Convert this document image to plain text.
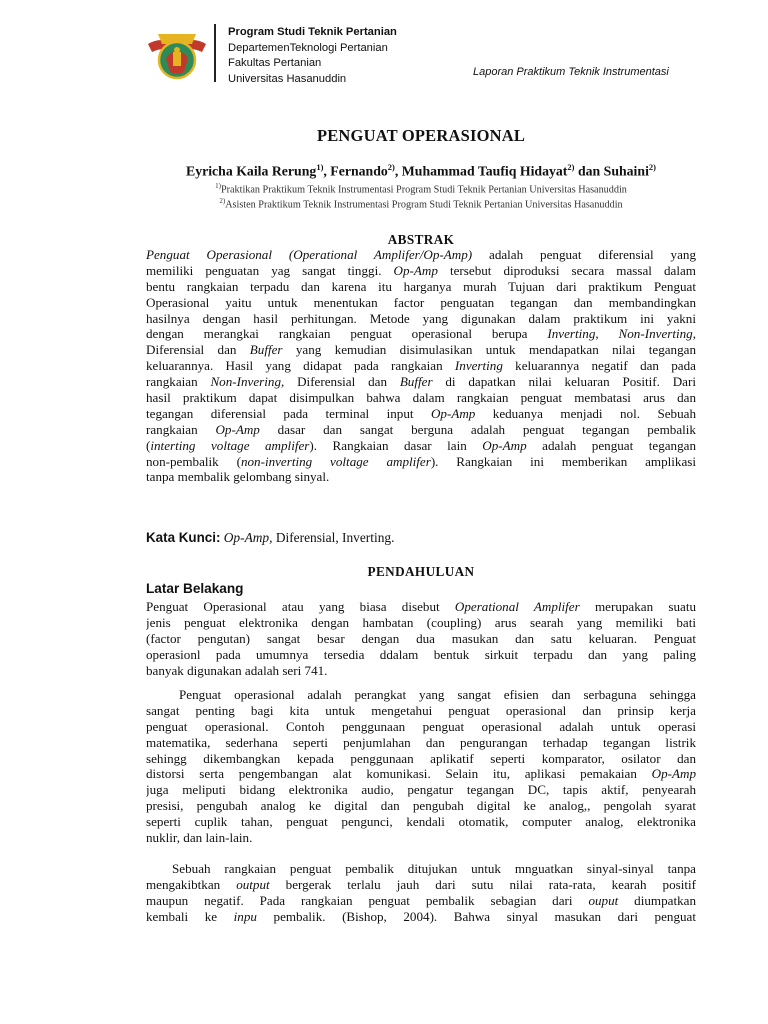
Program Studi Teknik Pertanian
DepartemenTeknologi Pertanian
Fakultas Pertanian
Universitas Hasanuddin
Laporan Praktikum Teknik Instrumentasi
PENGUAT OPERASIONAL
Eyricha Kaila Rerung$^{1)}$, Fernando$^{2)}$, Muhammad Taufiq Hidayat$^{2)}$ dan Suhaini$^{2)}$
$^{1)}$Praktikan Praktikum Teknik Instrumentasi Program Studi Teknik Pertanian Universitas Hasanuddin
$^{2)}$Asisten Praktikum Teknik Instrumentasi Program Studi Teknik Pertanian Universitas Hasanuddin
ABSTRAK
Penguat Operasional (Operational Amplifer/Op-Amp) adalah penguat diferensial yang
memiliki penguatan yag sangat tinggi. Op-Amp tersebut diproduksi secara massal dalam
bentu rangkaian terpadu dan karena itu harganya murah Tujuan dari praktikum Penguat
Operasional yaitu untuk menentukan factor penguatan tegangan dan membandingkan
hasilnya dengan hasil perhitungan. Metode yang digunakan dalam praktikum ini yakni
dengan merangkai rangkaian penguat operasional berupa Inverting, Non-Inverting,
Diferensial dan Buffer yang kemudian disimulasikan untuk mendapatkan nilai tegangan
keluarannya. Hasil yang didapat pada rangkaian Inverting keluarannya negatif dan pada
rangkaian Non-Invering, Diferensial dan Buffer di dapatkan nilai keluaran Positif. Dari
hasil praktikum dapat disimpulkan bahwa dalam rangkaian penguat membatasi arus dan
tegangan diferensial pada terminal input Op-Amp keduanya menjadi nol. Sebuah
rangkaian Op-Amp dasar dan sangat berguna adalah penguat tegangan pembalik
(interting voltage amplifer). Rangkaian dasar lain Op-Amp adalah penguat tegangan
non-pembalik (non-inverting voltage amplifer). Rangkaian ini memberikan amplikasi
tanpa membalik gelombang sinyal.
Kata Kunci: Op-Amp, Diferensial, Inverting.
PENDAHULUAN
Latar Belakang
Penguat Operasional atau yang biasa disebut Operational Amplifer merupakan suatu
jenis penguat elektronika dengan hambatan (coupling) arus searah yang memiliki bati
(factor pengutan) sangat besar dengan dua masukan dan satu keluaran. Penguat
operasionl pada umumnya tersedia ddalam bentuk sirkuit terpadu dan yang paling
banyak digunakan adalah seri 741.
Penguat operasional adalah perangkat yang sangat efisien dan serbaguna sehingga
sangat penting bagi kita untuk mengetahui penguat operasional dan prinsip kerja
penguat operasional. Contoh penggunaan penguat operasional adalah untuk operasi
matematika, sederhana seperti penjumlahan dan pengurangan terhadap tegangan listrik
sehingg dikembangkan kepada penggunaan aplikatif seperti komparator, osilator dan
distorsi serta pengembangan alat komunikasi. Selain itu, aplikasi pemakaian Op-Amp
juga meliputi bidang elektronika audio, pengatur tegangan DC, tapis aktif, penyearah
presisi, pengubah analog ke digital dan pengubah digital ke analog,, pengolah syarat
seperti cuplik tahan, penguat pengunci, kendali otomatik, computer analog, elektronika
nuklir, dan lain-lain.
Sebuah rangkaian penguat pembalik ditujukan untuk mnguatkan sinyal-sinyal tanpa
mengakibtkan output bergerak terlalu jauh dari sutu nilai rata-rata, kearah positif
maupun negatif. Pada rangkaian penguat pembalik sebagian dari ouput diumpatkan
kembali ke inpu pembalik. (Bishop, 2004). Bahwa sinyal masukan dari penguat
